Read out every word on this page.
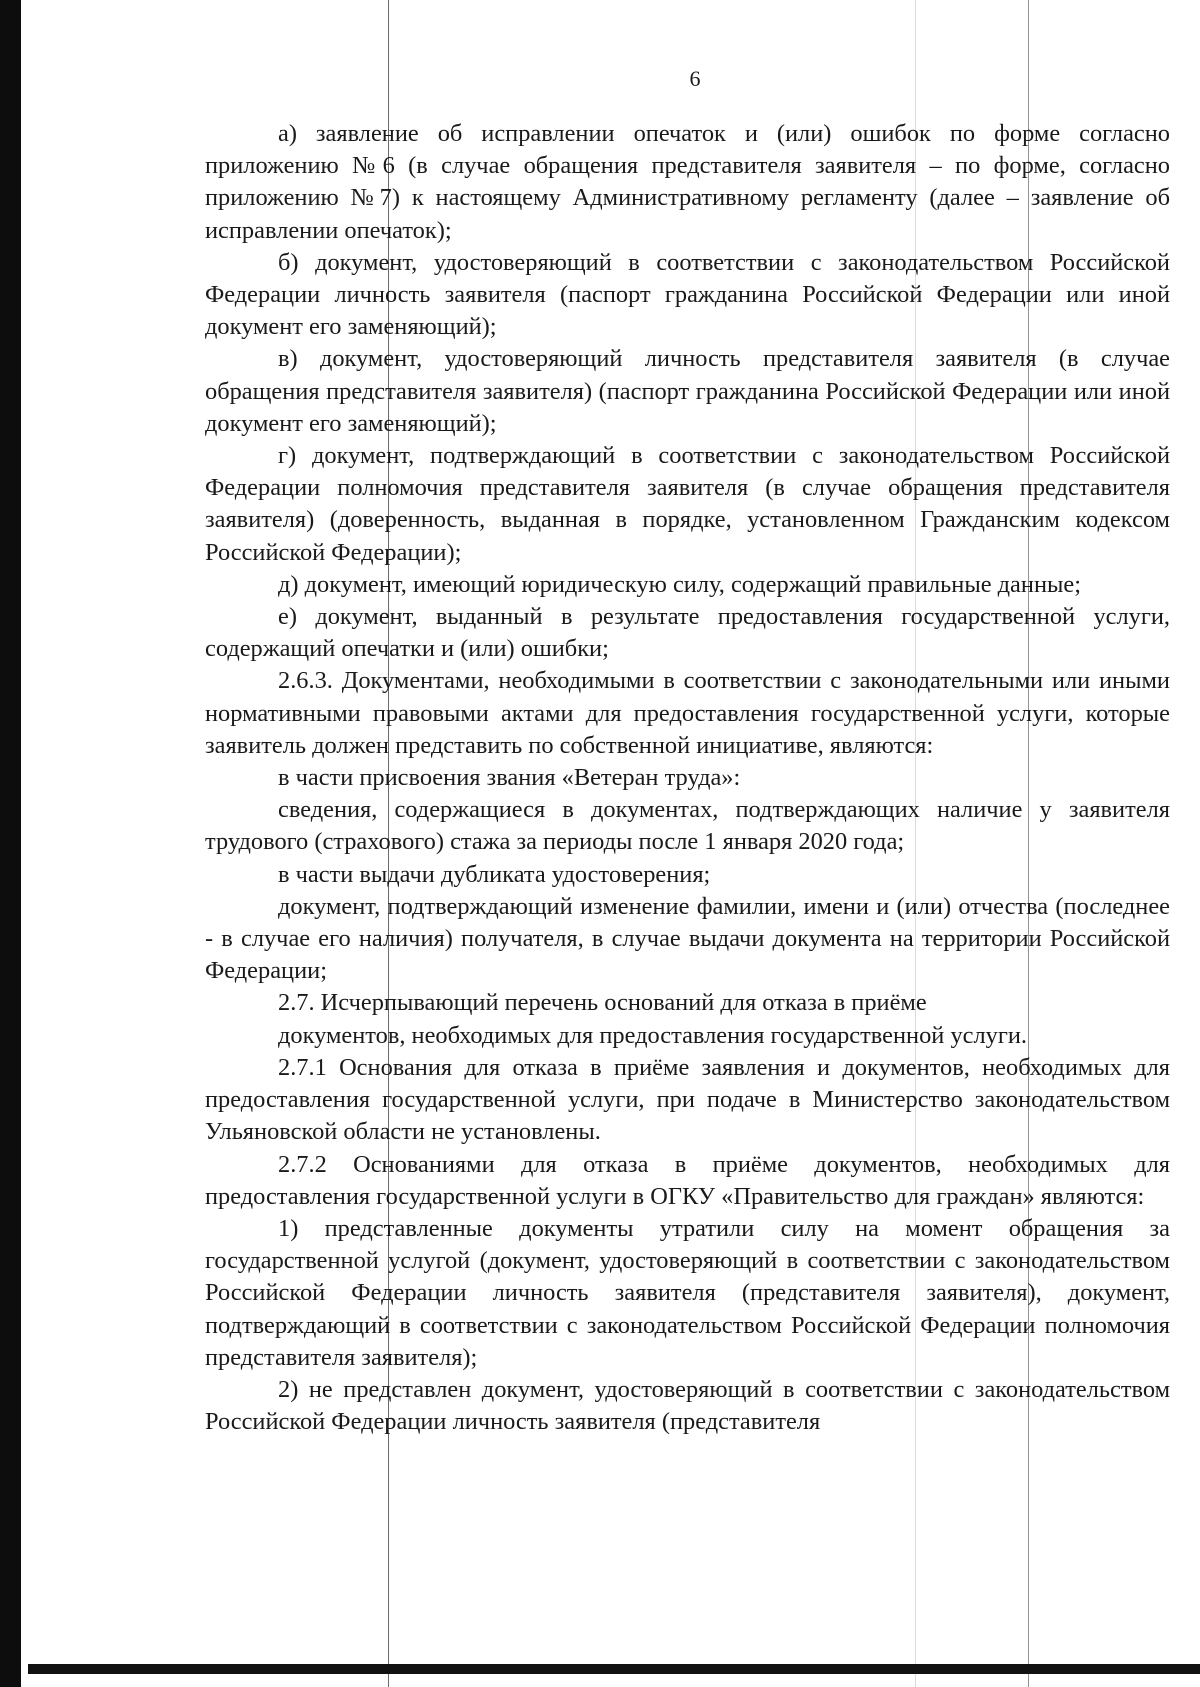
6

а) заявление об исправлении опечаток и (или) ошибок по форме согласно приложению №6 (в случае обращения представителя заявителя – по форме, согласно приложению №7) к настоящему Административному регламенту (далее – заявление об исправлении опечаток);

б) документ, удостоверяющий в соответствии с законодательством Российской Федерации личность заявителя (паспорт гражданина Российской Федерации или иной документ его заменяющий);

в) документ, удостоверяющий личность представителя заявителя (в случае обращения представителя заявителя) (паспорт гражданина Российской Федерации или иной документ его заменяющий);

г) документ, подтверждающий в соответствии с законодательством Российской Федерации полномочия представителя заявителя (в случае обращения представителя заявителя) (доверенность, выданная в порядке, установленном Гражданским кодексом Российской Федерации);

д) документ, имеющий юридическую силу, содержащий правильные данные;

е) документ, выданный в результате предоставления государственной услуги, содержащий опечатки и (или) ошибки;

2.6.3. Документами, необходимыми в соответствии с законодательными или иными нормативными правовыми актами для предоставления государственной услуги, которые заявитель должен представить по собственной инициативе, являются:

в части присвоения звания «Ветеран труда»:

сведения, содержащиеся в документах, подтверждающих наличие у заявителя трудового (страхового) стажа за периоды после 1 января 2020 года;

в части выдачи дубликата удостоверения;

документ, подтверждающий изменение фамилии, имени и (или) отчества (последнее - в случае его наличия) получателя, в случае выдачи документа на территории Российской Федерации;

2.7. Исчерпывающий перечень оснований для отказа в приёме

документов, необходимых для предоставления государственной услуги.

2.7.1 Основания для отказа в приёме заявления и документов, необходимых для предоставления государственной услуги, при подаче в Министерство законодательством Ульяновской области не установлены.

2.7.2 Основаниями для отказа в приёме документов, необходимых для предоставления государственной услуги в ОГКУ «Правительство для граждан» являются:

1) представленные документы утратили силу на момент обращения за государственной услугой (документ, удостоверяющий в соответствии с законодательством Российской Федерации личность заявителя (представителя заявителя), документ, подтверждающий в соответствии с законодательством Российской Федерации полномочия представителя заявителя);

2) не представлен документ, удостоверяющий в соответствии с законодательством Российской Федерации личность заявителя (представителя
